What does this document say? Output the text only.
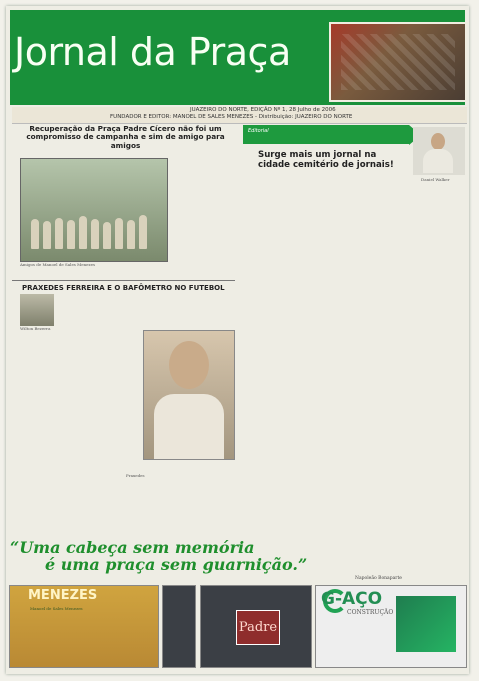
Jornal da Praça
JUAZEIRO DO NORTE, EDIÇÃO Nº 1, 28 Julho de 2006
FUNDADOR E EDITOR: MANOEL DE SALES MENEZES - Distribuição: JUAZEIRO DO NORTE
Recuperação da Praça Padre Cícero não foi um compromisso de campanha e sim de amigo para amigos
Amigos de Manoel de Sales Menezes
PRAXEDES FERREIRA E O BAFÔMETRO NO FUTEBOL
Wilton Bezerra
Praxedes
Editorial
Surge mais um jornal na cidade cemitério de jornais!
Daniel Walker
“Uma cabeça sem memória
é uma praça sem guarnição.”
Napoleão Bonaparte
MENEZES
Manoel de Sales Menezes
Padre
G-AÇO
CONSTRUÇÃO
